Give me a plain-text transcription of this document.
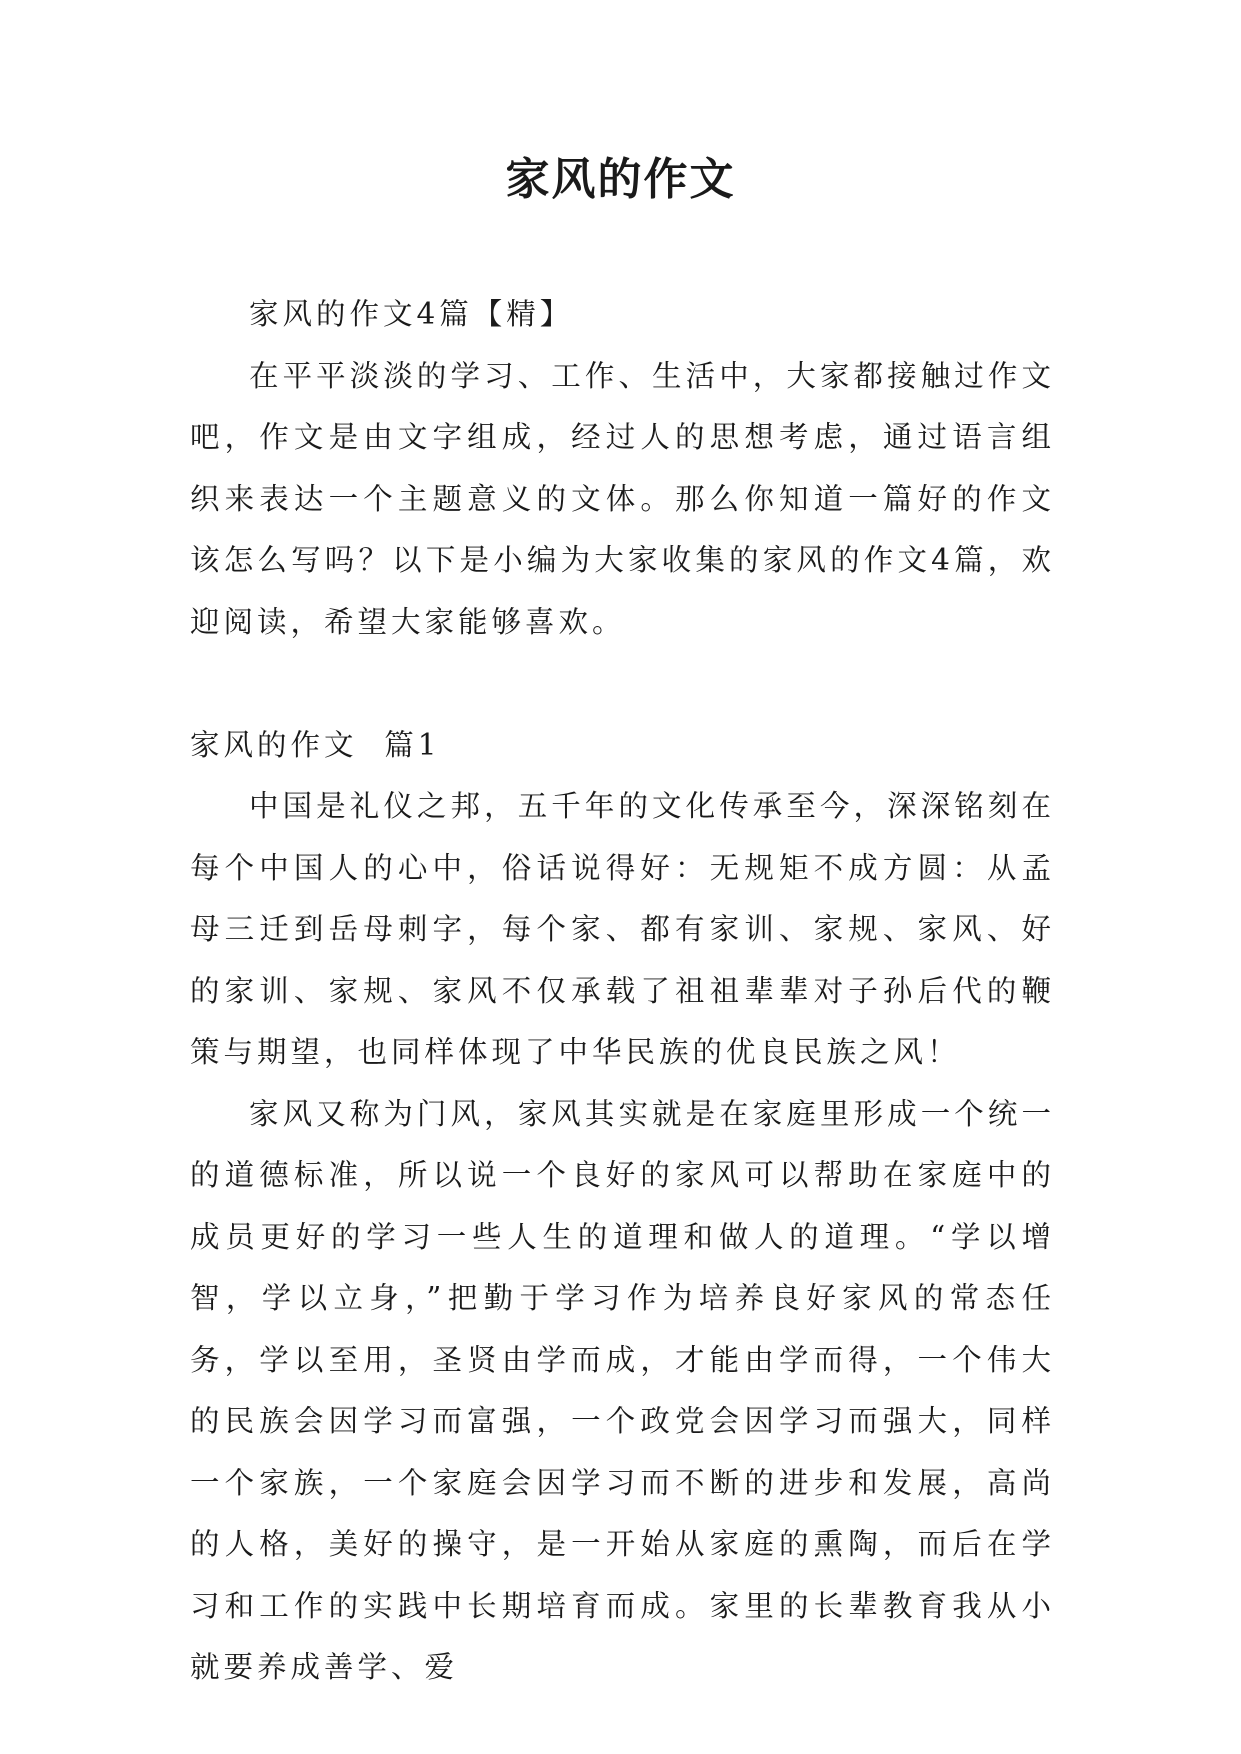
家风的作文

家风的作文4篇【精】

在平平淡淡的学习、工作、生活中，大家都接触过作文吧，作文是由文字组成，经过人的思想考虑，通过语言组织来表达一个主题意义的文体。那么你知道一篇好的作文该怎么写吗？以下是小编为大家收集的家风的作文4篇，欢迎阅读，希望大家能够喜欢。

家风的作文  篇1

中国是礼仪之邦，五千年的文化传承至今，深深铭刻在每个中国人的心中，俗话说得好：无规矩不成方圆：从孟母三迁到岳母刺字，每个家、都有家训、家规、家风、好的家训、家规、家风不仅承载了祖祖辈辈对子孙后代的鞭策与期望，也同样体现了中华民族的优良民族之风！

家风又称为门风，家风其实就是在家庭里形成一个统一的道德标准，所以说一个良好的家风可以帮助在家庭中的成员更好的学习一些人生的道理和做人的道理。“学以增智，学以立身，”把勤于学习作为培养良好家风的常态任务，学以至用，圣贤由学而成，才能由学而得，一个伟大的民族会因学习而富强，一个政党会因学习而强大，同样一个家族，一个家庭会因学习而不断的进步和发展，高尚的人格，美好的操守，是一开始从家庭的熏陶，而后在学习和工作的实践中长期培育而成。家里的长辈教育我从小就要养成善学、爱
